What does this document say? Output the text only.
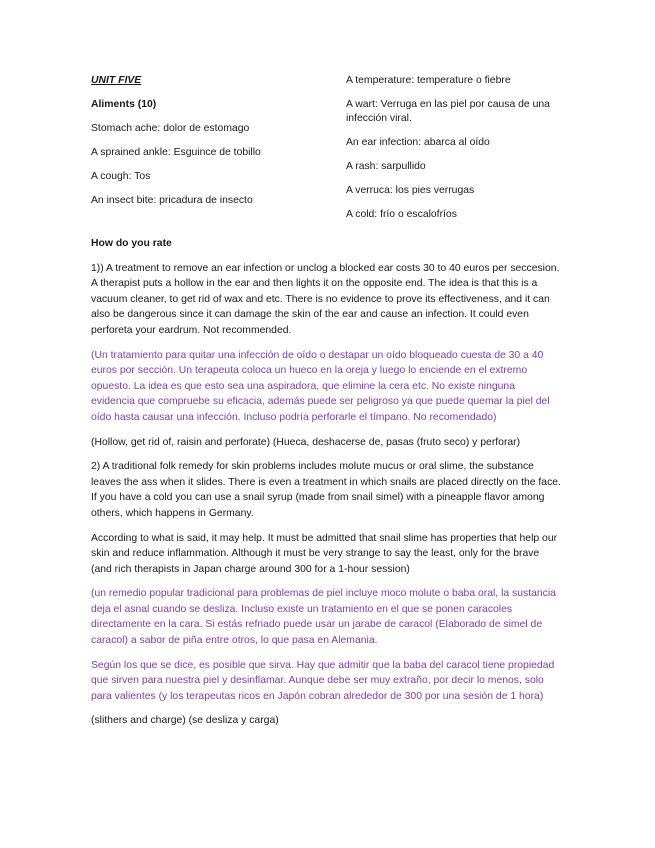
UNIT FIVE

Aliments (10)

Stomach ache: dolor de estomago

A sprained ankle: Esguince de tobillo

A cough: Tos

An insect bite: pricadura de insecto

A temperature: temperature o fiebre

A wart: Verruga en las piel por causa de una infección viral.

An ear infection: abarca al oído

A rash: sarpullido

A verruca: los pies verrugas

A cold: frío o escalofríos

How do you rate

1)) A treatment to remove an ear infection or unclog a blocked ear costs 30 to 40 euros per seccesion. A therapist puts a hollow in the ear and then lights it on the opposite end. The idea is that this is a vacuum cleaner, to get rid of wax and etc. There is no evidence to prove its effectiveness, and it can also be dangerous since it can damage the skin of the ear and cause an infection. It could even perforeta your eardrum. Not recommended.

(Un tratamiento para quitar una infección de oído o destapar un oído bloqueado cuesta de 30 a 40 euros por sección. Un terapeuta coloca un hueco en la oreja y luego lo enciende en el extremo opuesto. La idea es que esto sea una aspiradora, que elimine la cera etc. No existe ninguna evidencia que compruebe su eficacia, además puede ser peligroso ya que puede quemar la piel del oído hasta causar una infección. Incluso podría perforarle el tímpano. No recomendado)

(Hollow, get rid of, raisin and perforate) (Hueca, deshacerse de, pasas (fruto seco) y perforar)

2) A traditional folk remedy for skin problems includes molute mucus or oral slime, the substance leaves the ass when it slides. There is even a treatment in which snails are placed directly on the face. If you have a cold you can use a snail syrup (made from snail simel) with a pineapple flavor among others, which happens in Germany.

According to what is said, it may help. It must be admitted that snail slime has properties that help our skin and reduce inflammation. Although it must be very strange to say the least, only for the brave (and rich therapists in Japan charge around 300 for a 1-hour session)

(un remedio popular tradicional para problemas de piel incluye moco molute o baba oral, la sustancia deja el asnal cuando se desliza. Incluso existe un tratamiento en el que se ponen caracoles directamente en la cara. Si estás refriado puede usar un jarabe de caracol (Elaborado de simel de caracol) a sabor de piña entre otros, lo que pasa en Alemania.

Según los que se dice, es posible que sirva. Hay que admitir que la baba del caracol tiene propiedad que sirven para nuestra piel y desinflamar. Aunque debe ser muy extraño, por decir lo menos, solo para valientes (y los terapeutas ricos en Japón cobran alrededor de 300 por una sesión de 1 hora)

(slithers and charge) (se desliza y carga)
